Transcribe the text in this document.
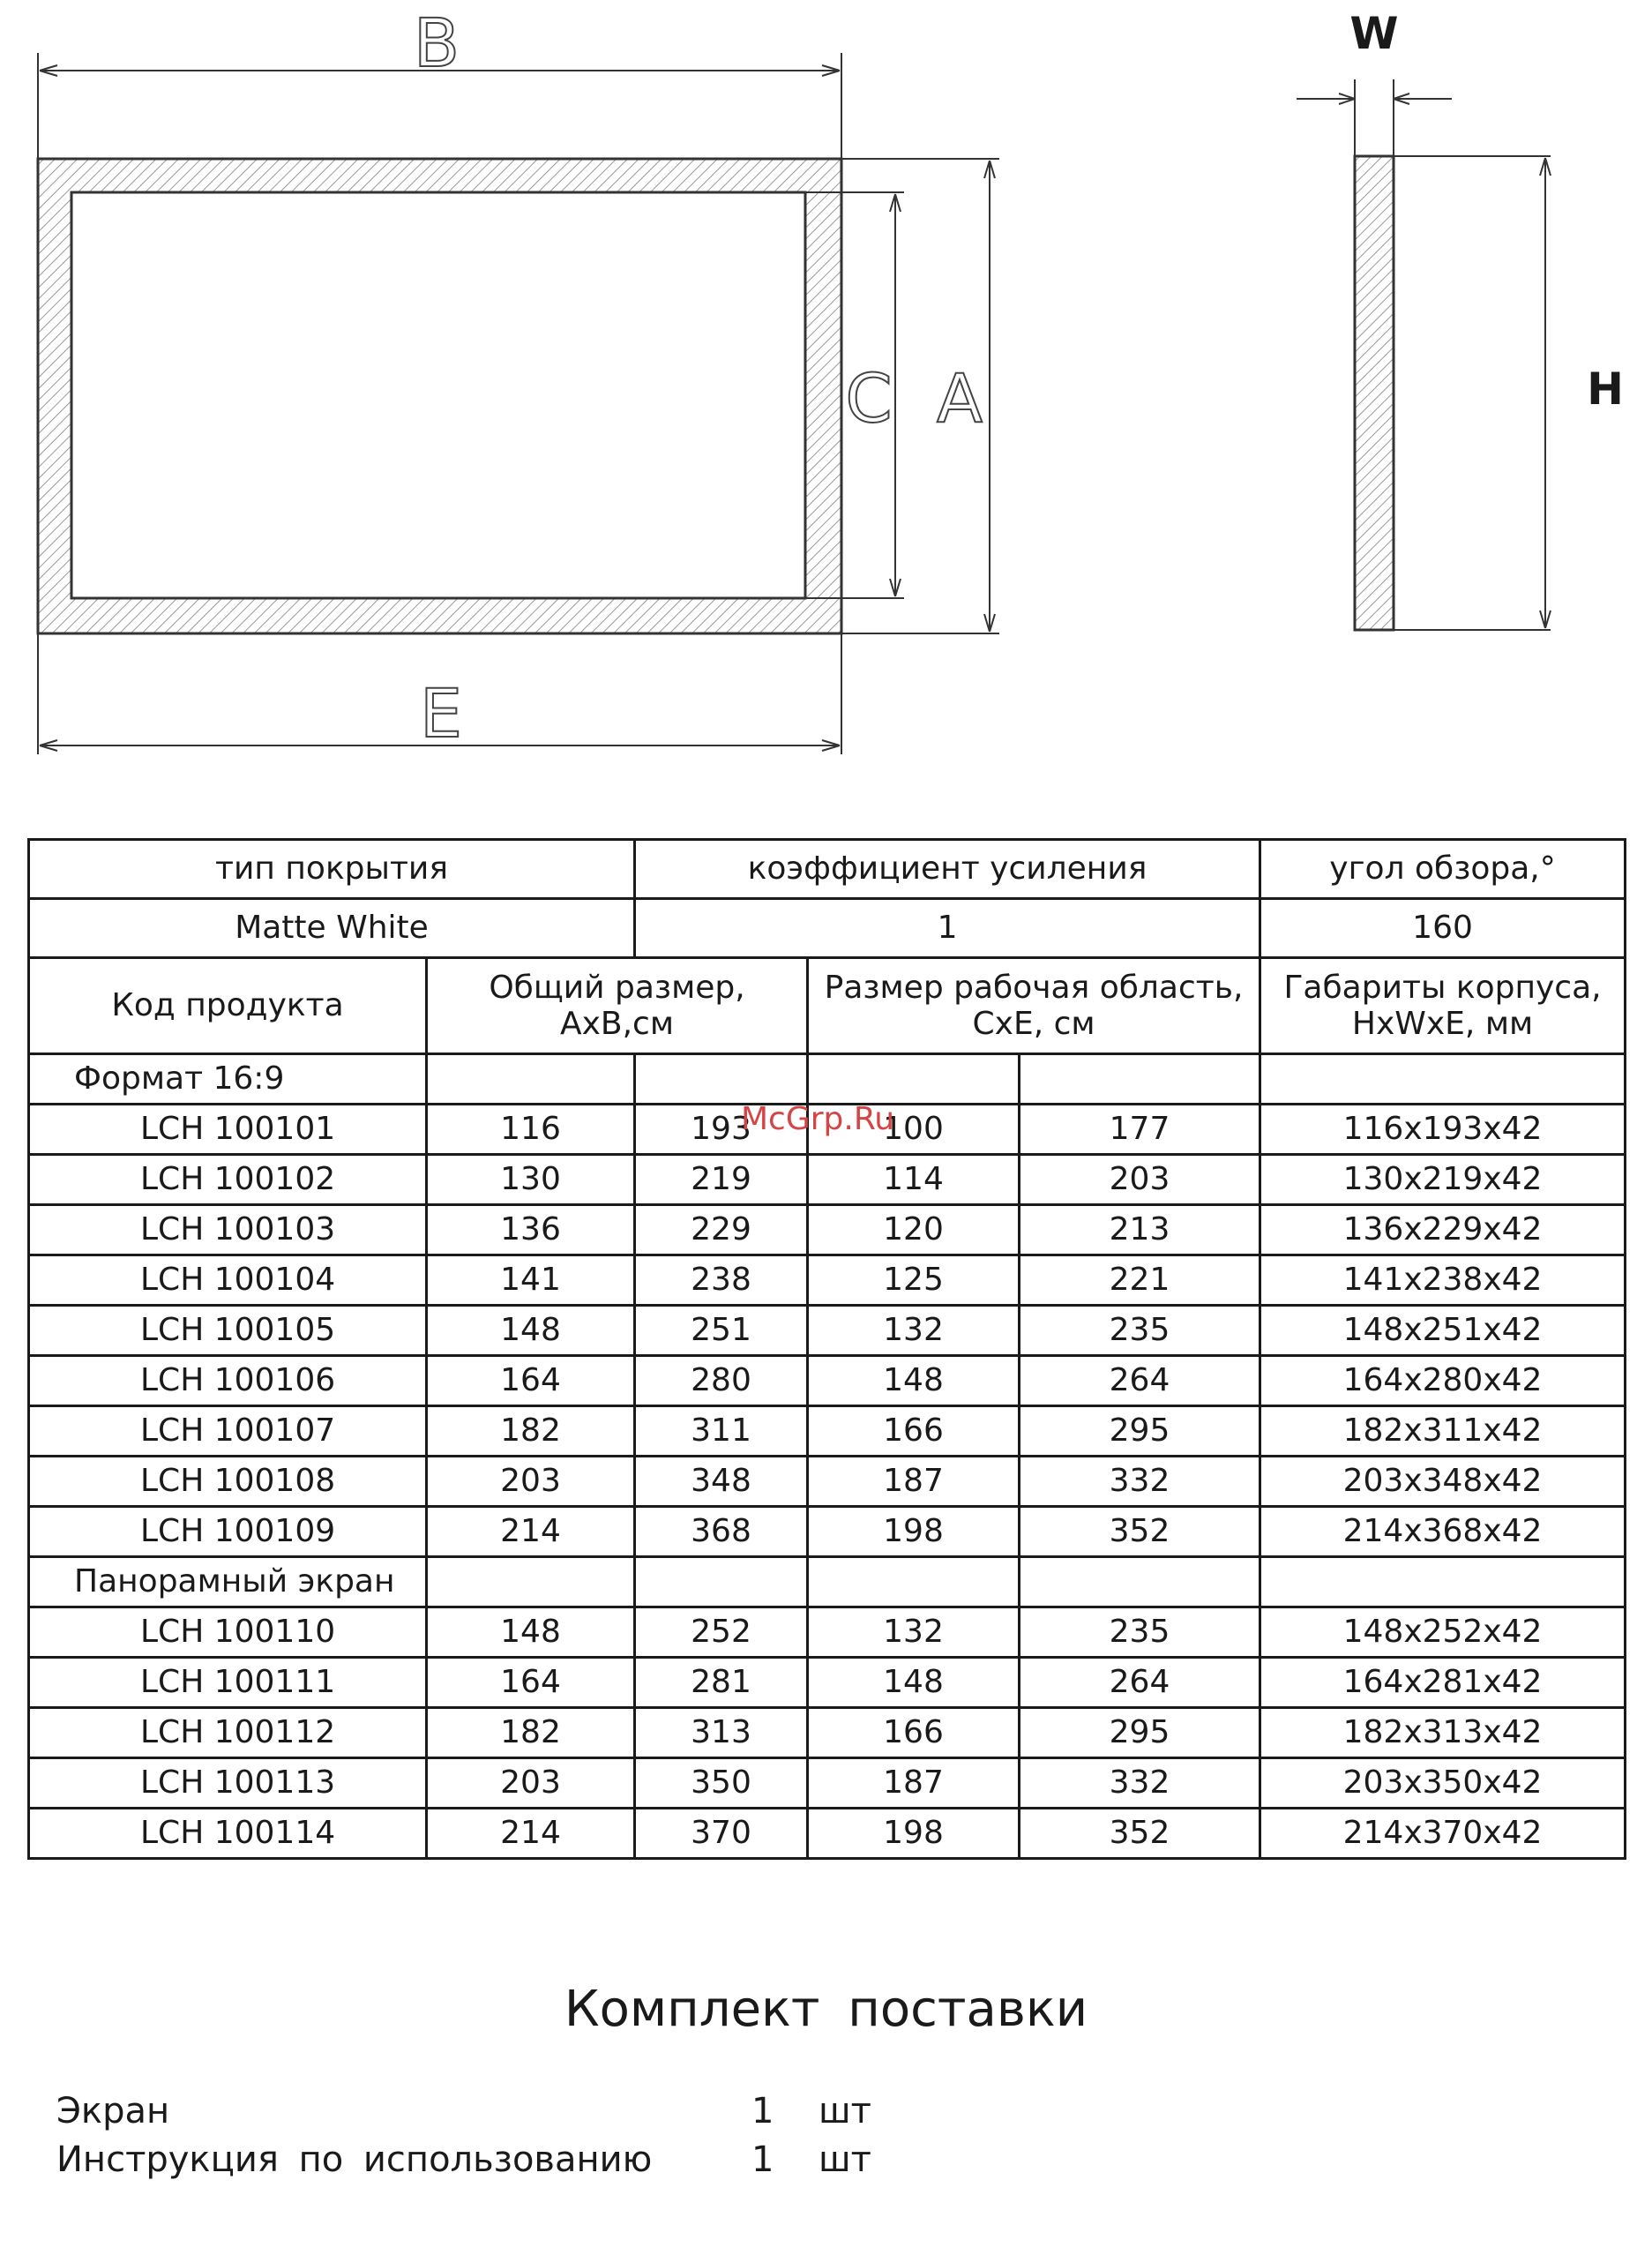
B
E
C A
W
H
тип покрытия		коэффициент усиления			угол обзора,°
Matte White		1			160
Код продукта	Общий размер, АхВ,см		Размер рабочая область, СхЕ, см		Габариты корпуса, HxWxE, мм
Формат 16:9					
LCH 100101	116	193	100	177	116x193x42
LCH 100102	130	219	114	203	130x219x42
LCH 100103	136	229	120	213	136x229x42
LCH 100104	141	238	125	221	141x238x42
LCH 100105	148	251	132	235	148x251x42
LCH 100106	164	280	148	264	164x280x42
LCH 100107	182	311	166	295	182x311x42
LCH 100108	203	348	187	332	203x348x42
LCH 100109	214	368	198	352	214x368x42
Панорамный экран					
LCH 100110	148	252	132	235	148x252x42
LCH 100111	164	281	148	264	164x281x42
LCH 100112	182	313	166	295	182x313x42
LCH 100113	203	350	187	332	203x350x42
LCH 100114	214	370	198	352	214x370x42
McGrp.Ru
Комплект поставки
Экран	1 шт
Инструкция по использованию	1 шт
